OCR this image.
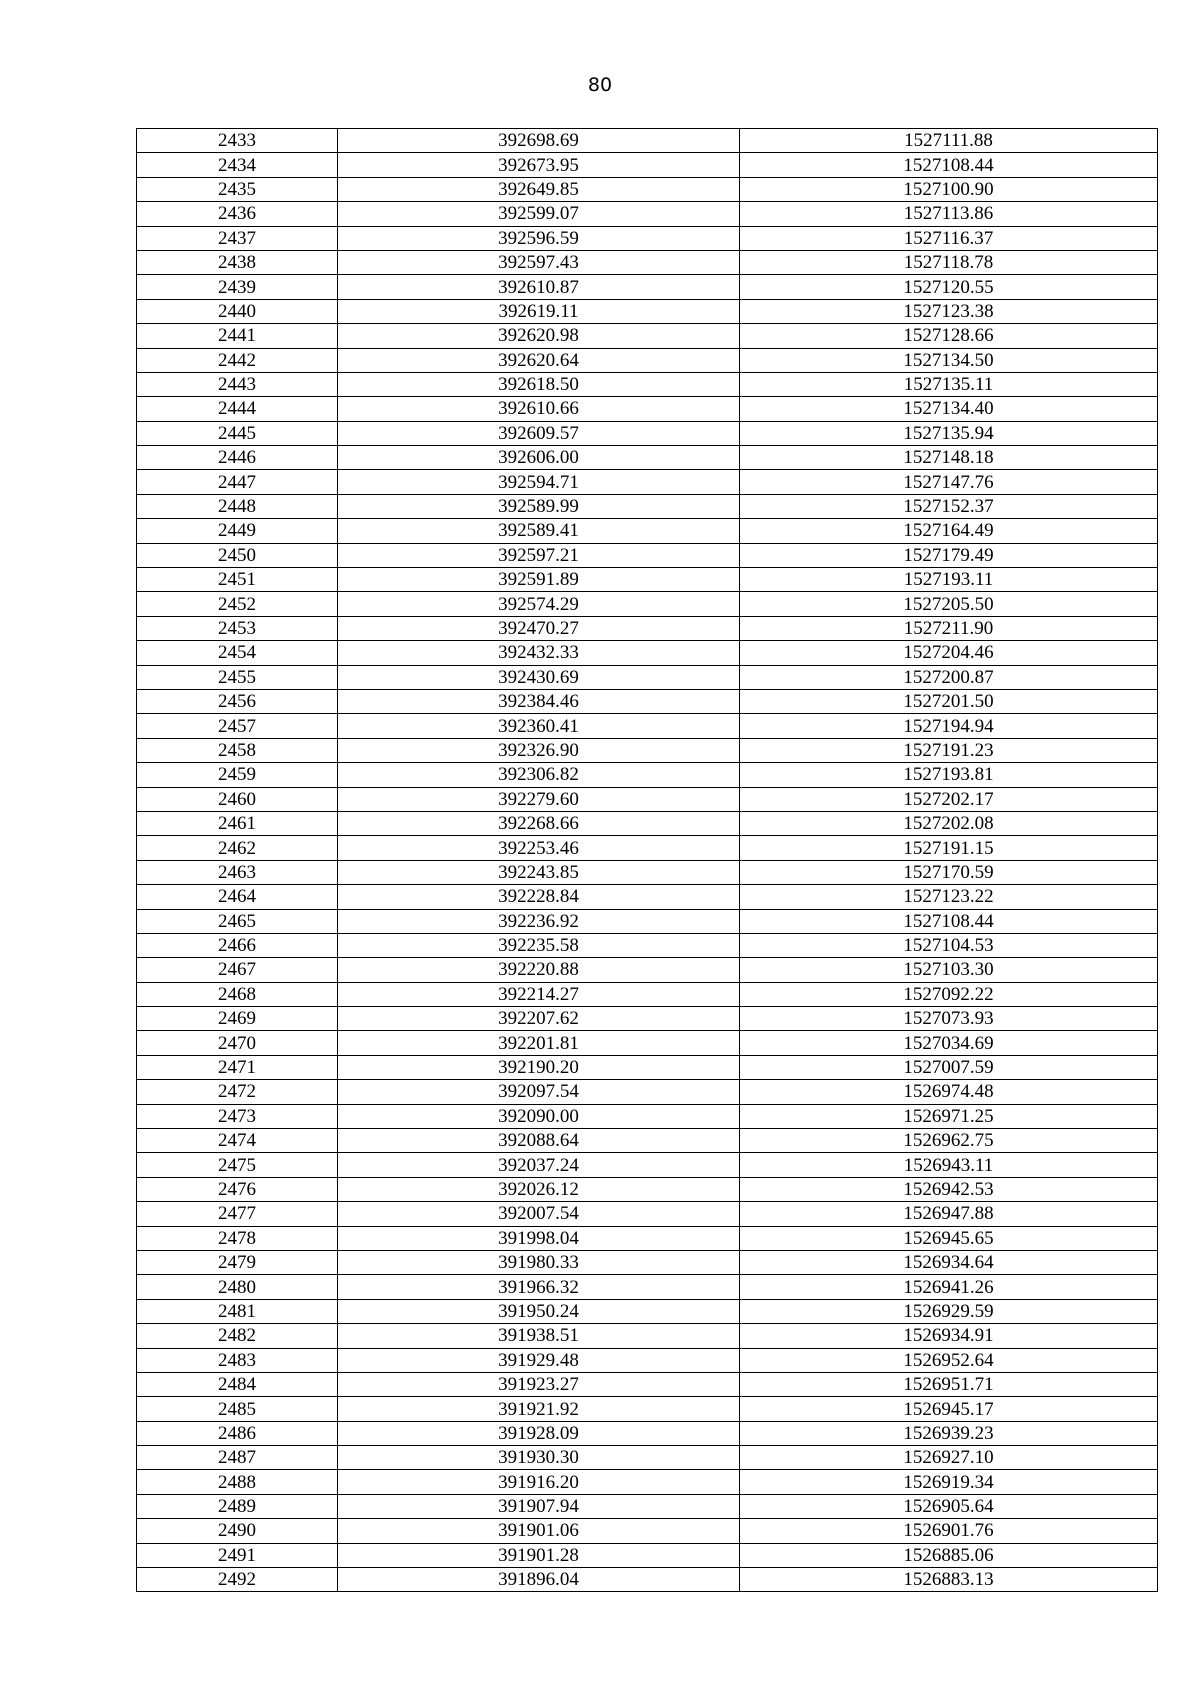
80
2433	392698.69	1527111.88
2434	392673.95	1527108.44
2435	392649.85	1527100.90
2436	392599.07	1527113.86
2437	392596.59	1527116.37
2438	392597.43	1527118.78
2439	392610.87	1527120.55
2440	392619.11	1527123.38
2441	392620.98	1527128.66
2442	392620.64	1527134.50
2443	392618.50	1527135.11
2444	392610.66	1527134.40
2445	392609.57	1527135.94
2446	392606.00	1527148.18
2447	392594.71	1527147.76
2448	392589.99	1527152.37
2449	392589.41	1527164.49
2450	392597.21	1527179.49
2451	392591.89	1527193.11
2452	392574.29	1527205.50
2453	392470.27	1527211.90
2454	392432.33	1527204.46
2455	392430.69	1527200.87
2456	392384.46	1527201.50
2457	392360.41	1527194.94
2458	392326.90	1527191.23
2459	392306.82	1527193.81
2460	392279.60	1527202.17
2461	392268.66	1527202.08
2462	392253.46	1527191.15
2463	392243.85	1527170.59
2464	392228.84	1527123.22
2465	392236.92	1527108.44
2466	392235.58	1527104.53
2467	392220.88	1527103.30
2468	392214.27	1527092.22
2469	392207.62	1527073.93
2470	392201.81	1527034.69
2471	392190.20	1527007.59
2472	392097.54	1526974.48
2473	392090.00	1526971.25
2474	392088.64	1526962.75
2475	392037.24	1526943.11
2476	392026.12	1526942.53
2477	392007.54	1526947.88
2478	391998.04	1526945.65
2479	391980.33	1526934.64
2480	391966.32	1526941.26
2481	391950.24	1526929.59
2482	391938.51	1526934.91
2483	391929.48	1526952.64
2484	391923.27	1526951.71
2485	391921.92	1526945.17
2486	391928.09	1526939.23
2487	391930.30	1526927.10
2488	391916.20	1526919.34
2489	391907.94	1526905.64
2490	391901.06	1526901.76
2491	391901.28	1526885.06
2492	391896.04	1526883.13
